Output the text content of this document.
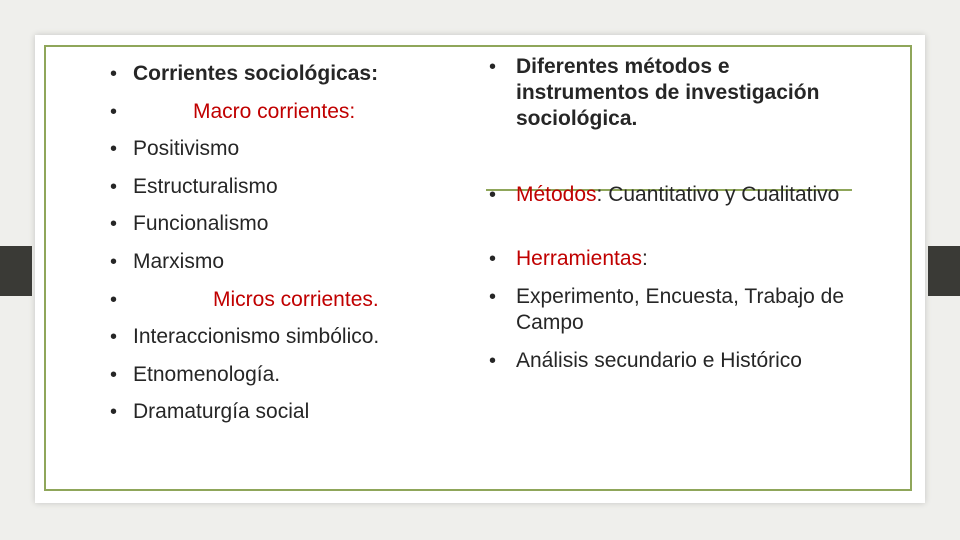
• Corrientes sociológicas:
•	Macro corrientes:
• Positivismo
• Estructuralismo
• Funcionalismo
• Marxismo
•	Micros corrientes.
• Interaccionismo simbólico.
• Etnomenología.
• Dramaturgía social
• Diferentes métodos e instrumentos de investigación sociológica.
• Métodos: Cuantitativo y Cualitativo
• Herramientas:
• Experimento, Encuesta, Trabajo de Campo
• Análisis secundario e Histórico
